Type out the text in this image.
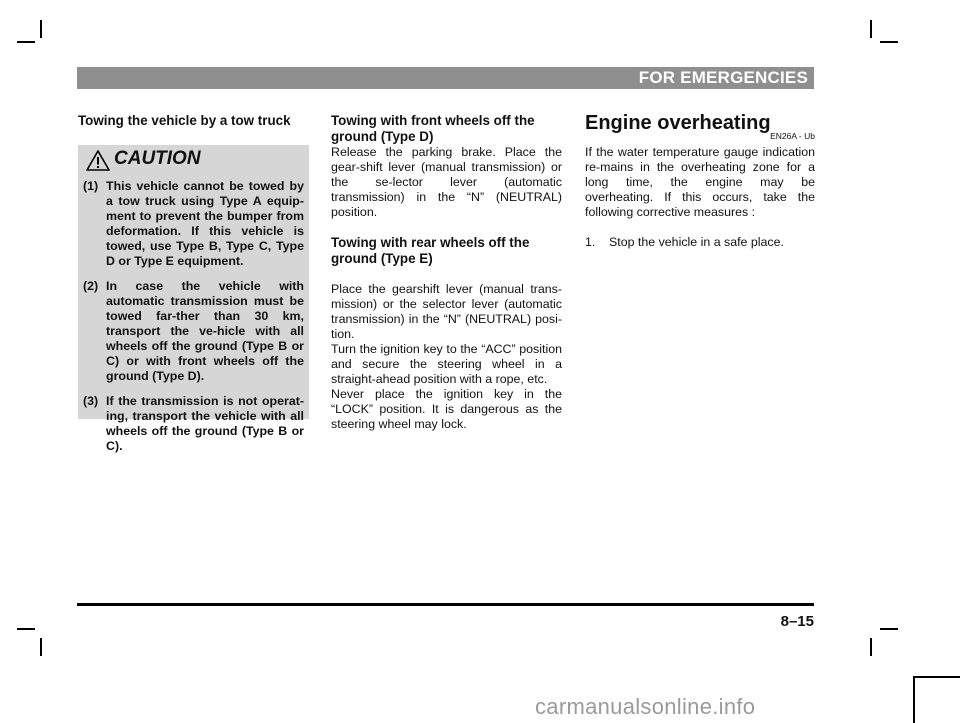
FOR EMERGENCIES
Towing the vehicle by a tow truck
CAUTION
(1) This vehicle cannot be towed by a tow truck using Type A equip-ment to prevent the bumper from deformation. If this vehicle is towed, use Type B, Type C, Type D or Type E equipment.
(2) In case the vehicle with automatic transmission must be towed far-ther than 30 km, transport the ve-hicle with all wheels off the ground (Type B or C) or with front wheels off the ground (Type D).
(3) If the transmission is not operat-ing, transport the vehicle with all wheels off the ground (Type B or C).
Towing with front wheels off the ground (Type D)

Release the parking brake. Place the gear-shift lever (manual transmission) or the se-lector lever (automatic transmission) in the “N” (NEUTRAL) position.

Towing with rear wheels off the ground (Type E)

Place the gearshift lever (manual trans-mission) or the selector lever (automatic transmission) in the “N” (NEUTRAL) posi-tion.

Turn the ignition key to the “ACC” position and secure the steering wheel in a straight-ahead position with a rope, etc.

Never place the ignition key in the “LOCK” position. It is dangerous as the steering wheel may lock.

Engine overheating
EN26A - Ub

If the water temperature gauge indication re-mains in the overheating zone for a long time, the engine may be overheating. If this occurs, take the following corrective measures :

1. Stop the vehicle in a safe place.
8–15
carmanualsonline.info
